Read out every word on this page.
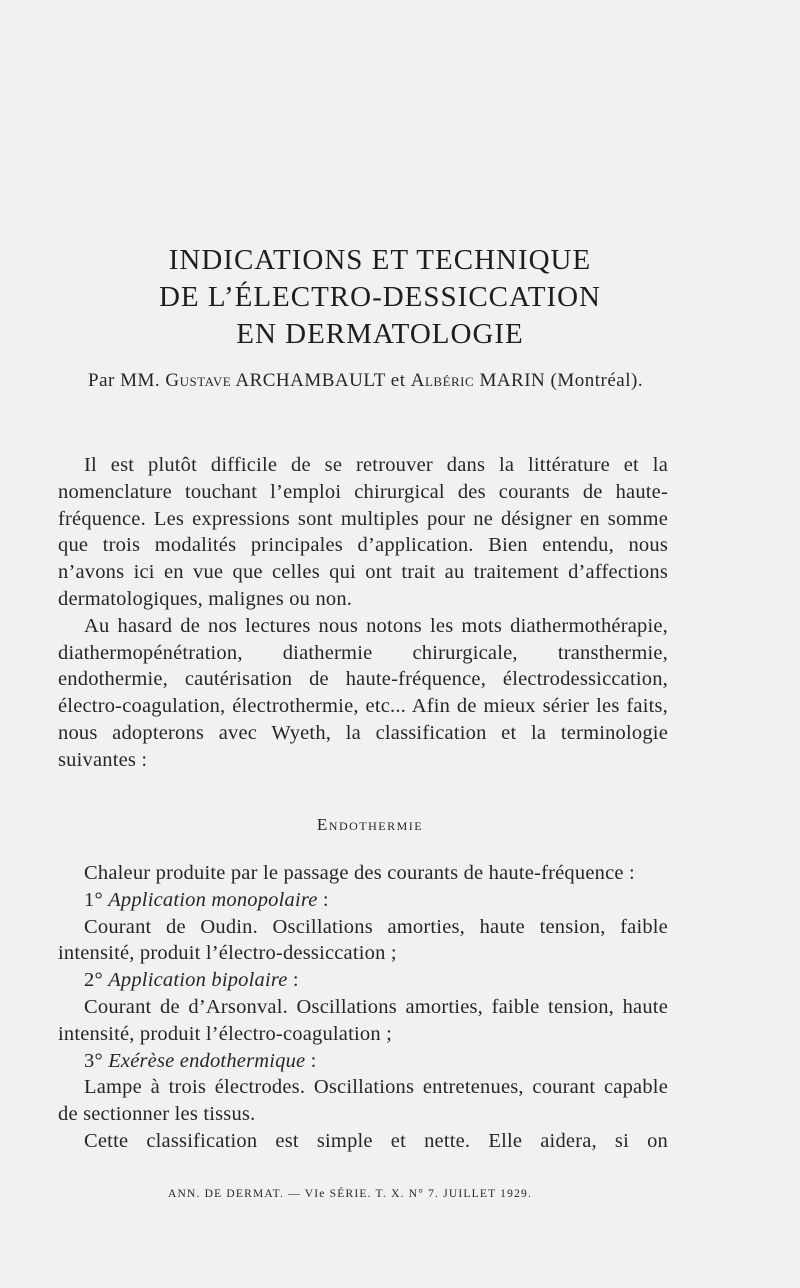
INDICATIONS ET TECHNIQUE
DE L’ÉLECTRO-DESSICCATION
EN DERMATOLOGIE
Par MM. Gustave ARCHAMBAULT et Albéric MARIN (Montréal).

Il est plutôt difficile de se retrouver dans la littérature et la nomenclature touchant l’emploi chirurgical des courants de haute-fréquence. Les expressions sont multiples pour ne désigner en somme que trois modalités principales d’application. Bien entendu, nous n’avons ici en vue que celles qui ont trait au traitement d’affections dermatologiques, malignes ou non.

Au hasard de nos lectures nous notons les mots diathermothérapie, diathermopénétration, diathermie chirurgicale, transthermie, endothermie, cautérisation de haute-fréquence, électrodessiccation, électro-coagulation, électrothermie, etc... Afin de mieux sérier les faits, nous adopterons avec Wyeth, la classification et la terminologie suivantes :

Endothermie

Chaleur produite par le passage des courants de haute-fréquence :

1° Application monopolaire :

Courant de Oudin. Oscillations amorties, haute tension, faible intensité, produit l’électro-dessiccation ;

2° Application bipolaire :

Courant de d’Arsonval. Oscillations amorties, faible tension, haute intensité, produit l’électro-coagulation ;

3° Exérèse endothermique :

Lampe à trois électrodes. Oscillations entretenues, courant capable de sectionner les tissus.

Cette classification est simple et nette. Elle aidera, si on

ANN. DE DERMAT. — VIe SÉRIE. T. X. N° 7. JUILLET 1929.
